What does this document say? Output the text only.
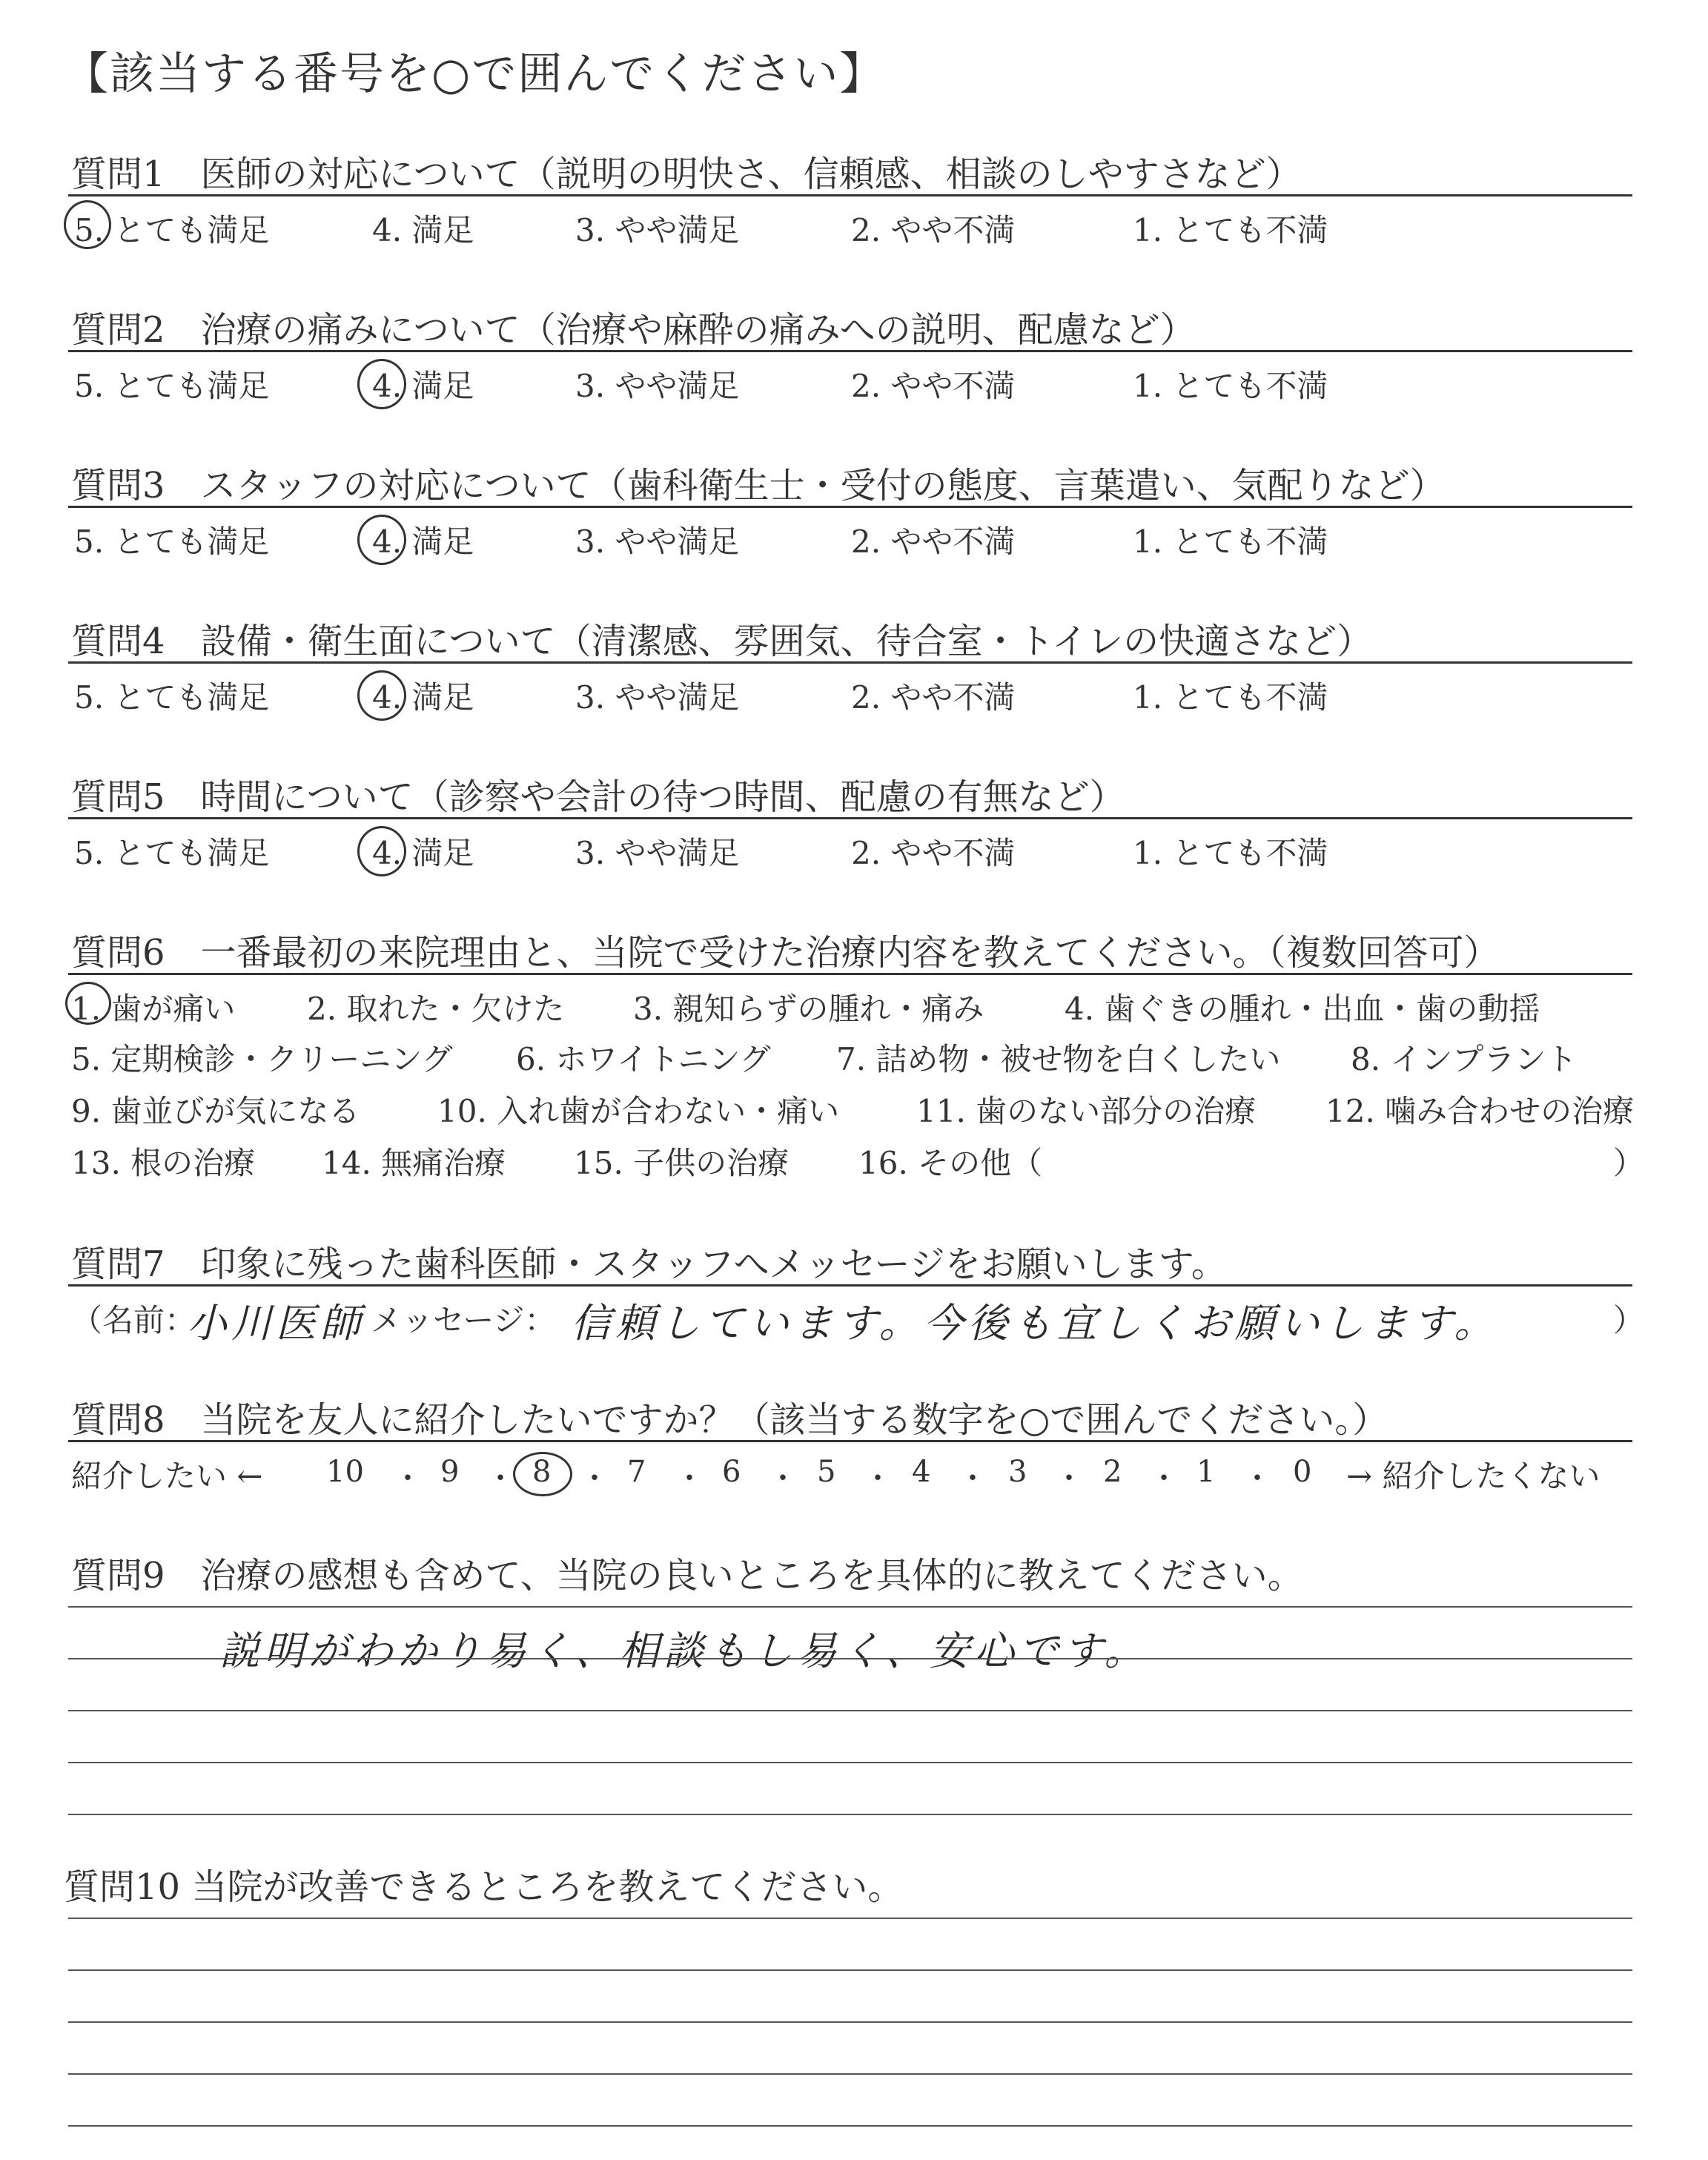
【該当する番号を○で囲んでください】
質問1　医師の対応について（説明の明快さ、信頼感、相談のしやすさなど）
5. とても満足	4. 満足	3. やや満足	2. やや不満	1. とても不満
質問2　治療の痛みについて（治療や麻酔の痛みへの説明、配慮など）
5. とても満足	4. 満足	3. やや満足	2. やや不満	1. とても不満
質問3　スタッフの対応について（歯科衛生士・受付の態度、言葉遣い、気配りなど）
5. とても満足	4. 満足	3. やや満足	2. やや不満	1. とても不満
質問4　設備・衛生面について（清潔感、雰囲気、待合室・トイレの快適さなど）
5. とても満足	4. 満足	3. やや満足	2. やや不満	1. とても不満
質問5　時間について（診察や会計の待つ時間、配慮の有無など）
5. とても満足	4. 満足	3. やや満足	2. やや不満	1. とても不満
質問6　一番最初の来院理由と、当院で受けた治療内容を教えてください。（複数回答可）
1. 歯が痛い 2. 取れた・欠けた 3. 親知らずの腫れ・痛み	4. 歯ぐきの腫れ・出血・歯の動揺
5. 定期検診・クリーニング 6. ホワイトニング 7. 詰め物・被せ物を白くしたい 8. インプラント
9. 歯並びが気になる 10. 入れ歯が合わない・痛い 11. 歯のない部分の治療 12. 噛み合わせの治療
13. 根の治療 14. 無痛治療 15. 子供の治療 16. その他（	）
質問7　印象に残った歯科医師・スタッフへメッセージをお願いします。
（名前：
小川医師 メッセージ： 信頼しています。今後も宜しくお願いします。	）
質問8　当院を友人に紹介したいですか？（該当する数字を○で囲んでください。）
紹介したい ← 10 ・ 9 ・ 8 ・ 7 ・ 6 ・ 5 ・ 4 ・ 3 ・ 2 ・ 1 ・ 0 → 紹介したくない
質問9　治療の感想も含めて、当院の良いところを具体的に教えてください。
説明がわかり易く、相談もし易く、安心です。
質問10 当院が改善できるところを教えてください。
